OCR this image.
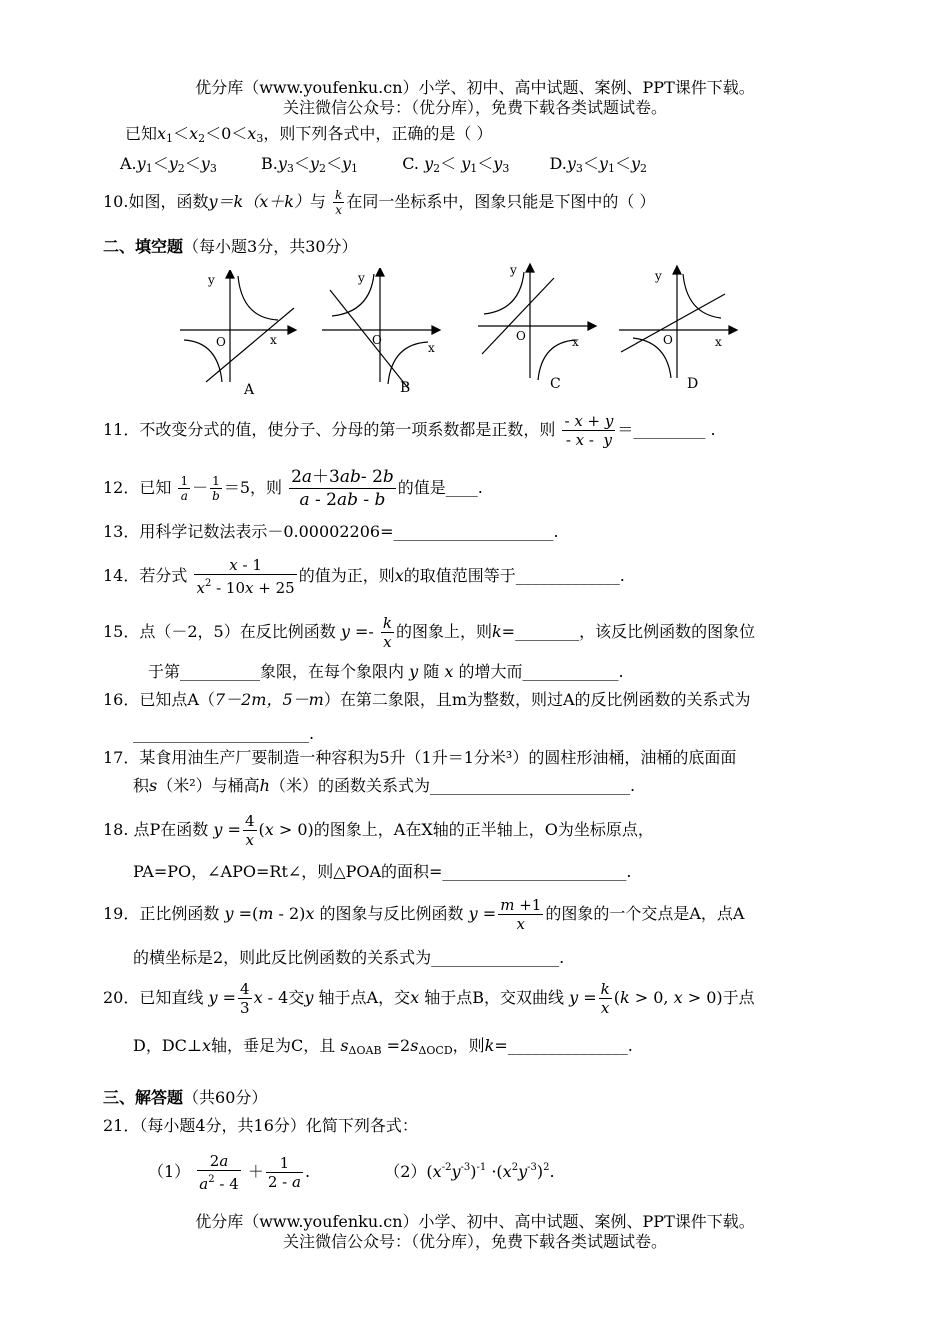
优分库（www.youfenku.cn）小学、初中、高中试题、案例、PPT课件下载。
关注微信公众号：（优分库），免费下载各类试题试卷。
已知$x_1<x_2<0<x_3$，则下列各式中，正确的是（ ）
$A.y_1<y_2<y_3$	$B.y_3<y_2<y_1$	C. $y_2< y_1<y_3$	$D.y_3<y_1<y_2$
10.如图，函数y＝k（x＋k）与 $\frac{k}{x}$ 在同一坐标系中，图象只能是下图中的（ ）
二、填空题（每小题3分，共30分）
y
x
O
A
y
x
O
B
y
x
O
C
y
x
O
D
11．不改变分式的值，使分子、分母的第一项系数都是正数，则 $\frac{- x + y}{- x - y}$ ＝_________ .
12．已知 $\frac{1}{a} - \frac{1}{b} =5$，则 $\frac{2a+3ab- 2b}{a - 2ab - b}$ 的值是____.
13．用科学记数法表示－0.00002206=____________________.
14．若分式 $\frac{x - 1}{x^2 - 10x + 25}$ 的值为正，则x的取值范围等于_____________.
15．点（－2，5）在反比例函数 $y =- \frac{k}{x}$ 的图象上，则k=________，该反比例函数的图象位
于第__________象限，在每个象限内 y 随 x 的增大而____________.
16．已知点A（7－2m，5－m）在第二象限，且m为整数，则过A的反比例函数的关系式为
______________________.
17．某食用油生产厂要制造一种容积为5升（1升＝1分米³）的圆柱形油桶，油桶的底面面
积s（米²）与桶高h（米）的函数关系式为_________________________.
18. 点P在函数 $y = \frac{4}{x} (x > 0)$的图象上，A在X轴的正半轴上，O为坐标原点，
PA=PO，∠APO=Rt∠，则△POA的面积=_______________________.
19．正比例函数 y =(m - 2)x 的图象与反比例函数 $y = \frac{m +1}{x}$ 的图象的一个交点是A，点A
的横坐标是2，则此反比例函数的关系式为________________.
20．已知直线 $y = \frac{4}{3}$ x - 4交y 轴于点A，交x 轴于点B，交双曲线 $y = \frac{k}{x} (k > 0$, x > 0)于点
D，DC⊥x轴，垂足为C，且 $s_{\Delta OAB} =2s_{\Delta OCD}$，则k=_______________.
三、解答题（共60分）
21．（每小题4分，共16分）化简下列各式：
$(1) \frac{2a}{a^2 - 4} + \frac{1}{2 - a}$ .	$(2)(x^{-2}y^{-3})^{-1} \cdot(x^2y^{-3})^2$.
优分库（www.youfenku.cn）小学、初中、高中试题、案例、PPT课件下载。
关注微信公众号：（优分库），免费下载各类试题试卷。
